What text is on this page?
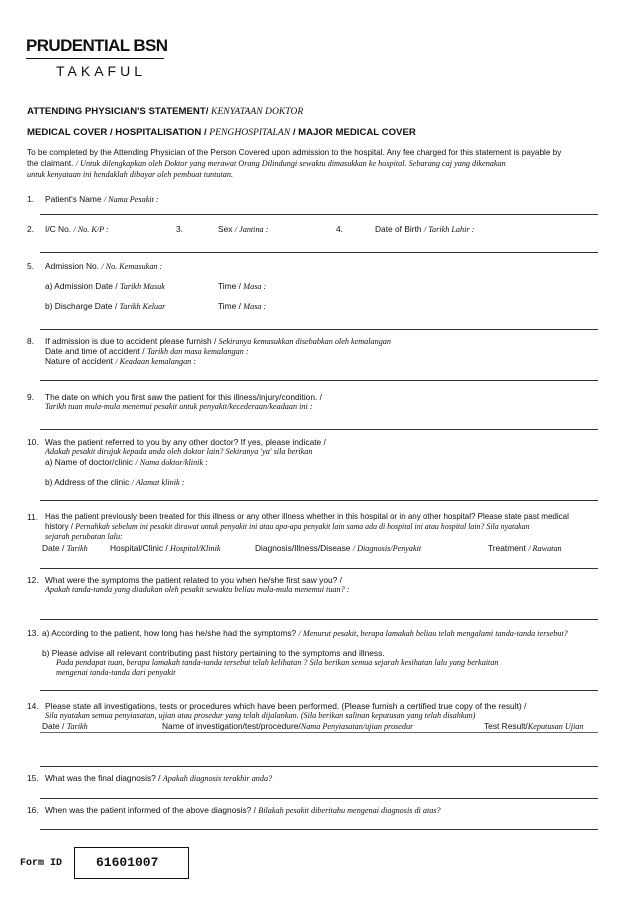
PRUDENTIAL BSN
TAKAFUL
ATTENDING PHYSICIAN'S STATEMENT/ KENYATAAN DOKTOR
MEDICAL COVER / HOSPITALISATION / PENGHOSPITALAN / MAJOR MEDICAL COVER
To be completed by the Attending Physician of the Person Covered upon admission to the hospital. Any fee charged for this statement is payable by
the claimant. / Untuk dilengkapkan oleh Doktor yang merawat Orang Dilindungi sewaktu dimasukkan ke hospital. Sebarang caj yang dikenakan
untuk kenyataan ini hendaklah dibayar oleh pembuat tuntutan.
1. Patient's Name / Nama Pesakit :
2. I/C No. / No. K/P :	3.	Sex / Jantina :	4.	Date of Birth / Tarikh Lahir :
5. Admission No. / No. Kemasukan :
a) Admission Date / Tarikh Masuk	Time / Masa :
b) Discharge Date / Tarikh Keluar	Time / Masa :
8. If admission is due to accident please furnish / Sekiranya kemasukkan disebabkan oleh kemalangan
Date and time of accident / Tarikh dan masa kemalangan :
Nature of accident / Keadaan kemalangan :
9. The date on which you first saw the patient for this illness/injury/condition. /
Tarikh tuan mula-mula menemui pesakit untuk penyakit/kecederaan/keadaan ini :
10. Was the patient referred to you by any other doctor? If yes, please indicate /
Adakah pesakit dirujuk kepada anda oleh doktor lain? Sekiranya 'ya' sila berikan
a) Name of doctor/clinic / Nama doktor/klinik :
b) Address of the clinic / Alamat klinik :
11. Has the patient previously been treated for this illness or any other illness whether in this hospital or in any other hospital? Please state past medical
history / Pernahkah sebelum ini pesakit dirawat untuk penyakit ini atau apa-apa penyakit lain sama ada di hospital ini atau hospital lain? Sila nyatakan
sejarah perubatan lalu:
Date / Tarikh	Hospital/Clinic / Hospital/Klinik	Diagnosis/Illness/Disease / Diagnosis/Penyakit	Treatment / Rawatan
12. What were the symptoms the patient related to you when he/she first saw you? /
Apakah tanda-tanda yang diadukan oleh pesakit sewaktu beliau mula-mula menemui tuan? :
13. a) According to the patient, how long has he/she had the symptoms? / Menurut pesakit, berapa lamakah beliau telah mengalami tanda-tanda tersebut?
b) Please advise all relevant contributing past history pertaining to the symptoms and illness.
Pada pendapat tuan, berapa lamakah tanda-tanda tersebut telah kelihatan ? Sila berikan semua sejarah kesihatan lalu yang berkaitan
mengenai tanda-tanda dari penyakit
14. Please state all investigations, tests or procedures which have been performed. (Please furnish a certified true copy of the result) /
Sila nyatakan semua penyiasatan, ujian atau prosedur yang telah dijalankan. (Sila berikan salinan keputusan yang telah disahkan)
Date / Tarikh	Name of investigation/test/procedure/Nama Penyiasatan/ujian prosedur	Test Result/Keputusan Ujian
15. What was the final diagnosis? / Apakah diagnosis terakhir anda?
16. When was the patient informed of the above diagnosis? / Bilakah pesakit diberitahu mengenai diagnosis di atas?
Form ID	61601007
